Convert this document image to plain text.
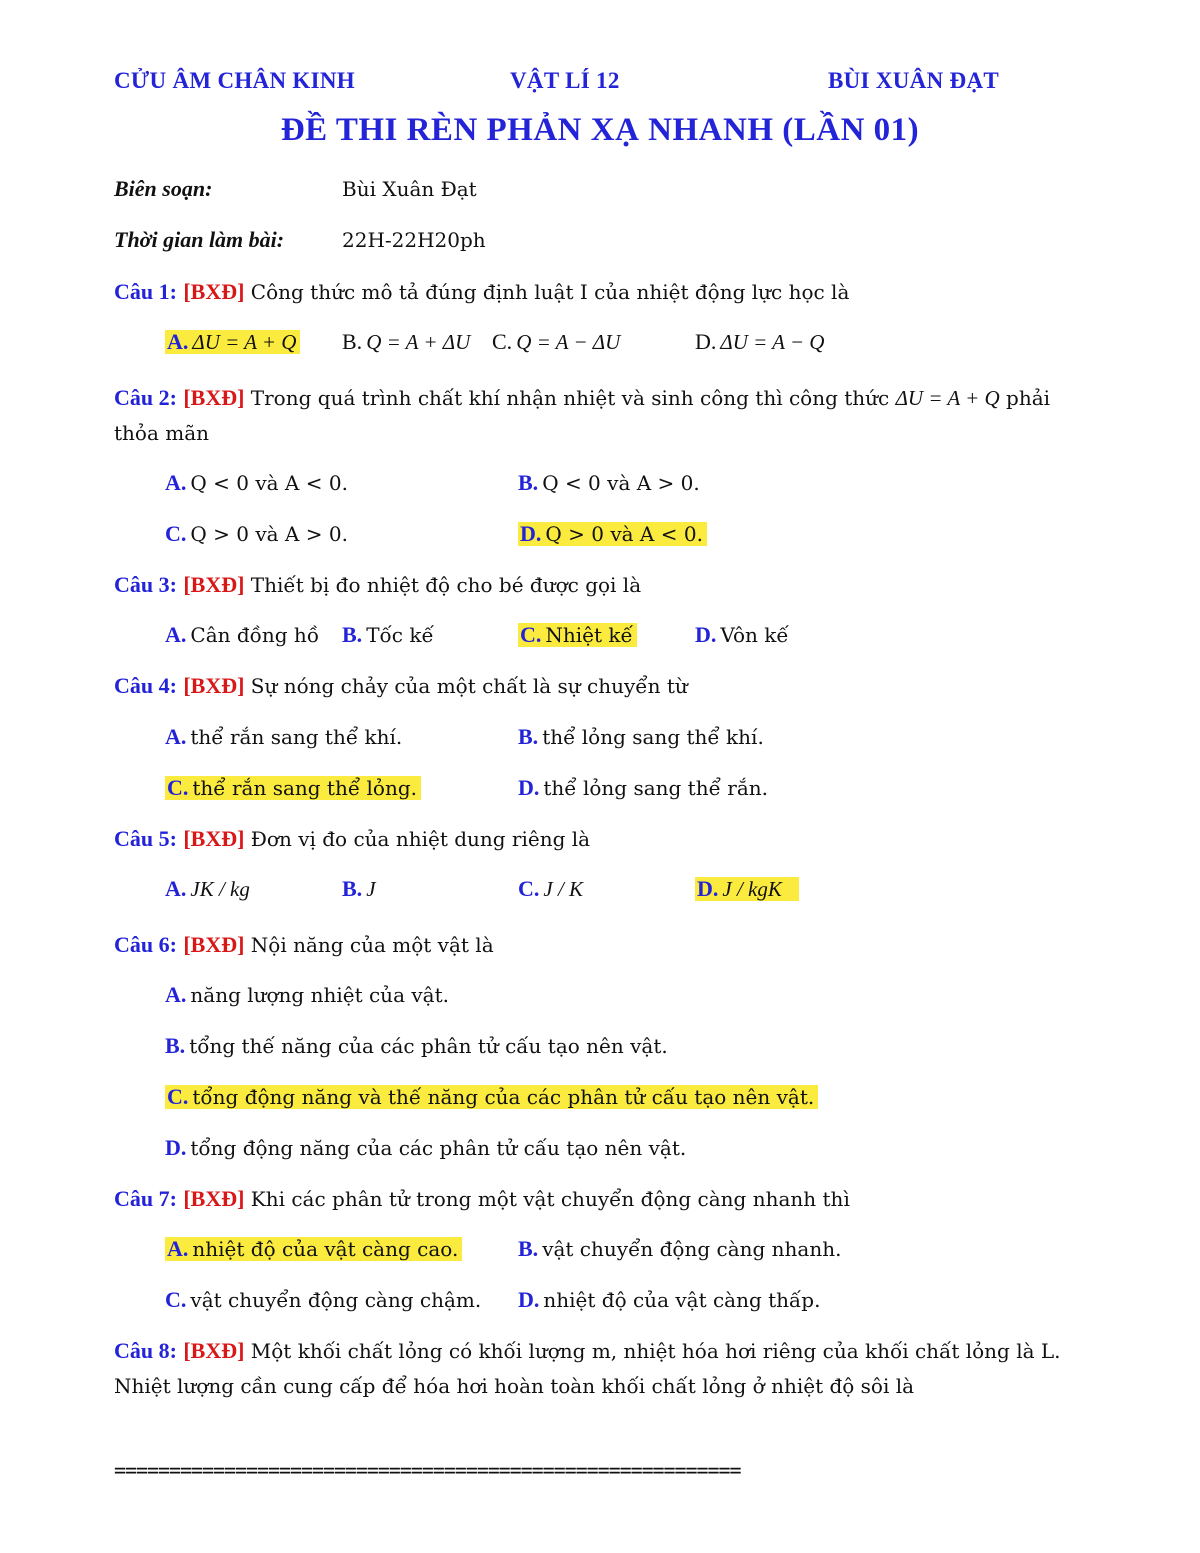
CỬU ÂM CHÂN KINH	VẬT LÍ 12	BÙI XUÂN ĐẠT
ĐỀ THI RÈN PHẢN XẠ NHANH (LẦN 01)
Biên soạn:	Bùi Xuân Đạt
Thời gian làm bài:	22H-22H20ph
Câu 1: [BXĐ] Công thức mô tả đúng định luật I của nhiệt động lực học là
A. ΔU = A + Q B. Q = A + ΔU C. Q = A − ΔU	D. ΔU = A − Q
Câu 2: [BXĐ] Trong quá trình chất khí nhận nhiệt và sinh công thì công thức ΔU = A + Q phải thỏa mãn
A. Q < 0 và A < 0.	B. Q < 0 và A > 0.
C. Q > 0 và A > 0.	D. Q > 0 và A < 0.
Câu 3: [BXĐ] Thiết bị đo nhiệt độ cho bé được gọi là
A. Cân đồng hồ B. Tốc kế	C. Nhiệt kế	D. Vôn kế
Câu 4: [BXĐ] Sự nóng chảy của một chất là sự chuyển từ
A. thể rắn sang thể khí.	B. thể lỏng sang thể khí.
C. thể rắn sang thể lỏng.	D. thể lỏng sang thể rắn.
Câu 5: [BXĐ] Đơn vị đo của nhiệt dung riêng là
A. JK / kg	B. J	C. J / K	D. J / kgK
Câu 6: [BXĐ] Nội năng của một vật là
A. năng lượng nhiệt của vật.
B. tổng thế năng của các phân tử cấu tạo nên vật.
C. tổng động năng và thế năng của các phân tử cấu tạo nên vật.
D. tổng động năng của các phân tử cấu tạo nên vật.
Câu 7: [BXĐ] Khi các phân tử trong một vật chuyển động càng nhanh thì
A. nhiệt độ của vật càng cao.	B. vật chuyển động càng nhanh.
C. vật chuyển động càng chậm. D. nhiệt độ của vật càng thấp.
Câu 8: [BXĐ] Một khối chất lỏng có khối lượng m, nhiệt hóa hơi riêng của khối chất lỏng là L. Nhiệt lượng cần cung cấp để hóa hơi hoàn toàn khối chất lỏng ở nhiệt độ sôi là
=========================================================
